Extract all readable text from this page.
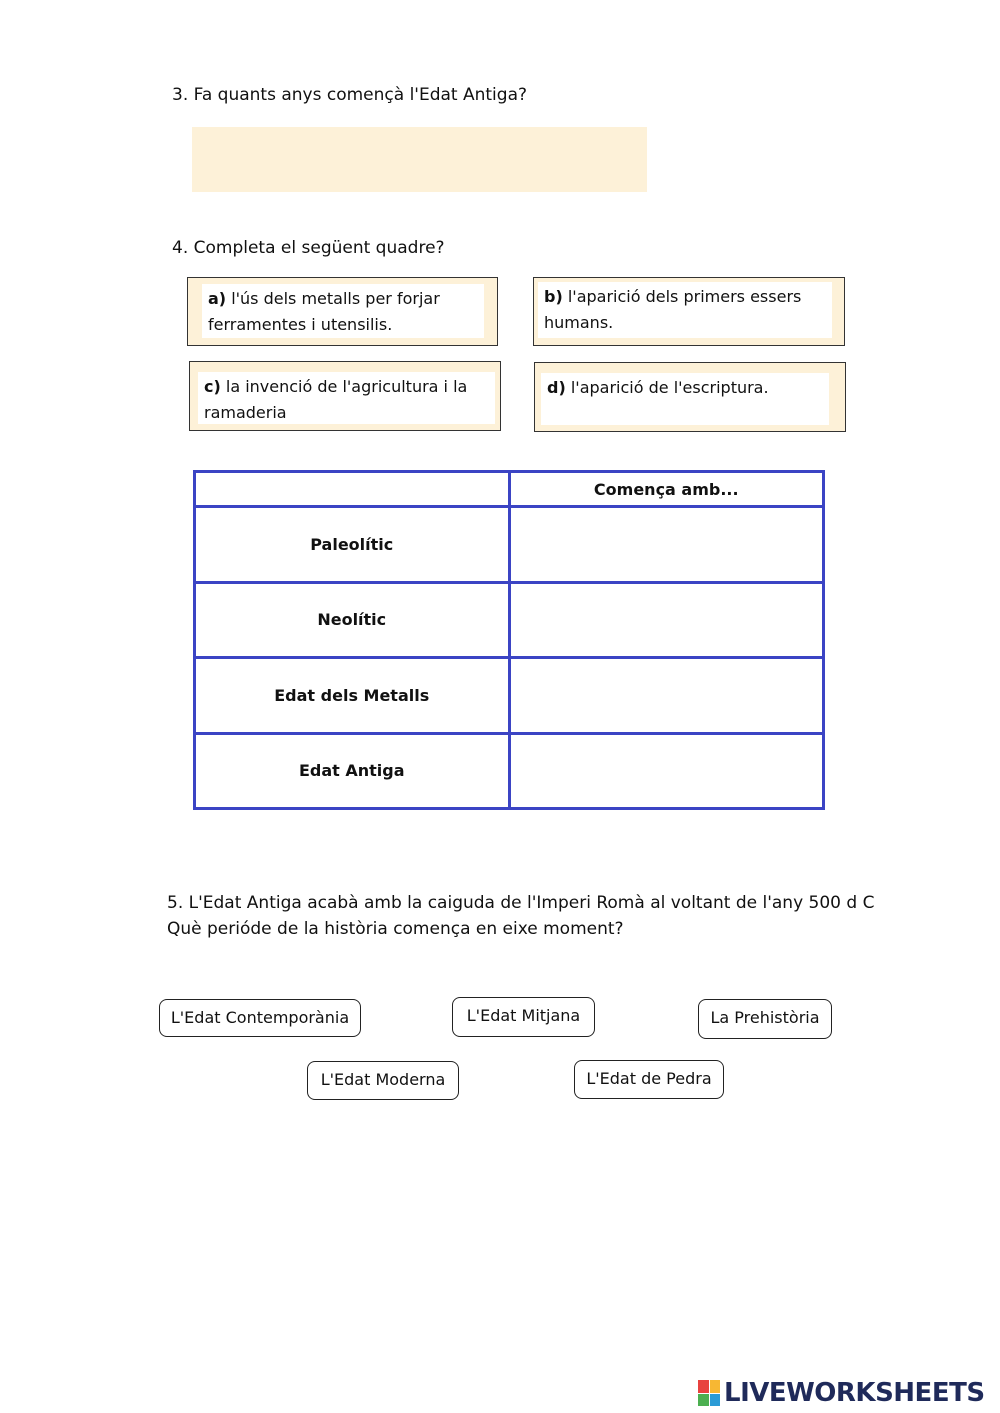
3. Fa quants anys començà l'Edat Antiga?
4. Completa el següent quadre?
a) l'ús dels metalls per forjar
ferramentes i utensilis.
b) l'aparició dels primers essers
humans.
c) la invenció de l'agricultura i la
ramaderia
d) l'aparició de l'escriptura.
	Comença amb...
Paleolític	
Neolític	
Edat dels Metalls	
Edat Antiga	
5. L'Edat Antiga acabà amb la caiguda de l'Imperi Romà al voltant de l'any 500 d C
Què periόde de la història comença en eixe moment?
L'Edat Contemporània	L'Edat Mitjana	La Prehistòria
L'Edat Moderna	L'Edat de Pedra
LIVEWORKSHEETS
